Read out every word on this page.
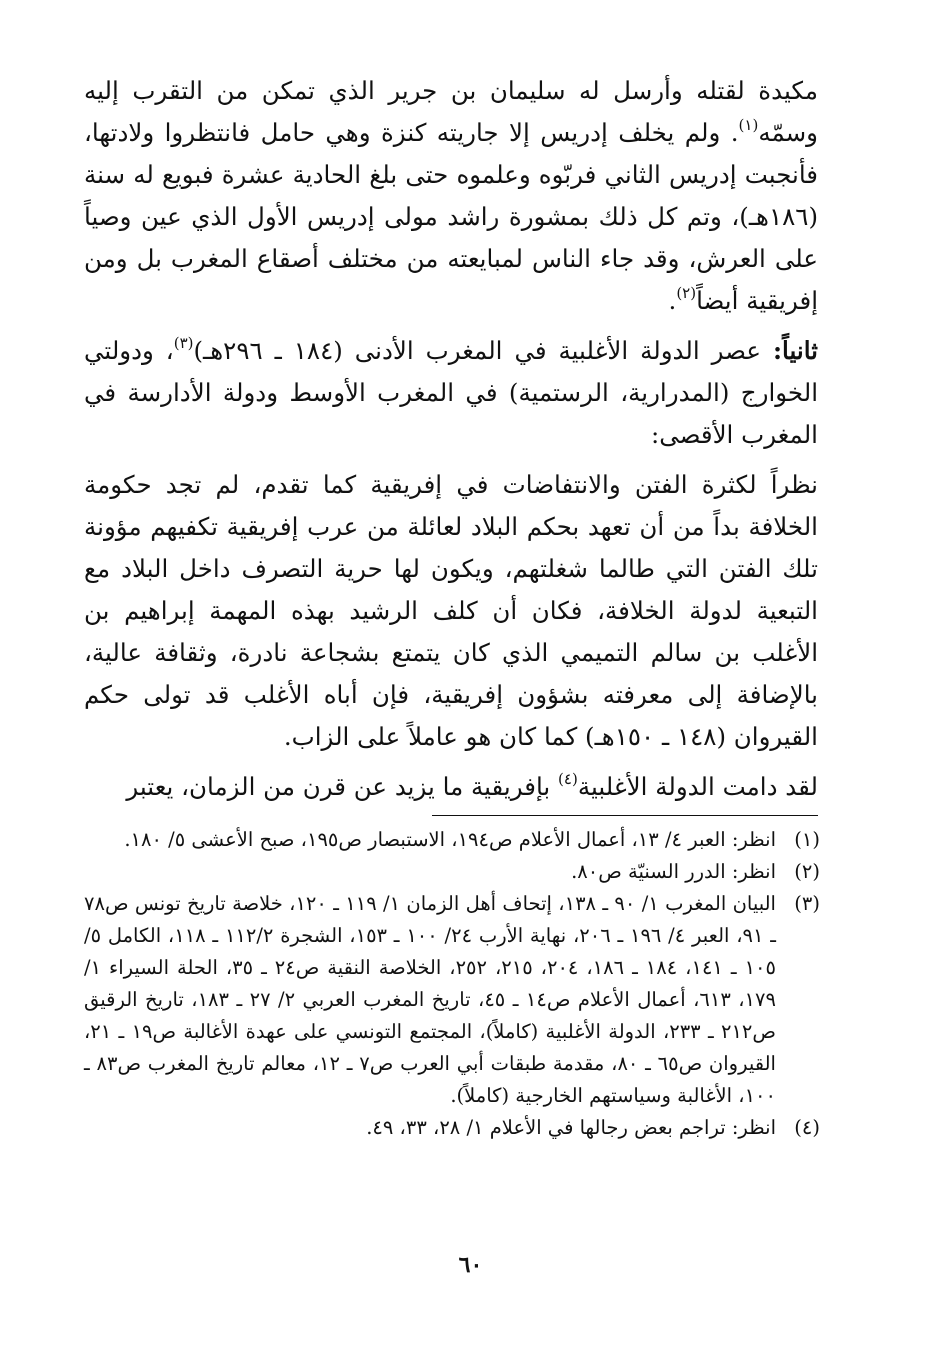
مكيدة لقتله وأرسل له سليمان بن جرير الذي تمكن من التقرب إليه وسمّه$^{(١)}$. ولم يخلف إدريس إلا جاريته كنزة وهي حامل فانتظروا ولادتها، فأنجبت إدريس الثاني فربّوه وعلموه حتى بلغ الحادية عشرة فبويع له سنة (١٨٦هـ)، وتم كل ذلك بمشورة راشد مولى إدريس الأول الذي عين وصياً على العرش، وقد جاء الناس لمبايعته من مختلف أصقاع المغرب بل ومن إفريقية أيضاً$^{(٢)}$.

ثانياً: عصر الدولة الأغلبية في المغرب الأدنى (١٨٤ ـ ٢٩٦هـ)$^{(٣)}$، ودولتي الخوارج (المدرارية، الرستمية) في المغرب الأوسط ودولة الأدارسة في المغرب الأقصى:

نظراً لكثرة الفتن والانتفاضات في إفريقية كما تقدم، لم تجد حكومة الخلافة بداً من أن تعهد بحكم البلاد لعائلة من عرب إفريقية تكفيهم مؤونة تلك الفتن التي طالما شغلتهم، ويكون لها حرية التصرف داخل البلاد مع التبعية لدولة الخلافة، فكان أن كلف الرشيد بهذه المهمة إبراهيم بن الأغلب بن سالم التميمي الذي كان يتمتع بشجاعة نادرة، وثقافة عالية، بالإضافة إلى معرفته بشؤون إفريقية، فإن أباه الأغلب قد تولى حكم القيروان (١٤٨ ـ ١٥٠هـ) كما كان هو عاملاً على الزاب.

لقد دامت الدولة الأغلبية$^{(٤)}$ بإفريقية ما يزيد عن قرن من الزمان، يعتبر

(١)
انظر: العبر ٤/ ١٣، أعمال الأعلام ص١٩٤، الاستبصار ص١٩٥، صبح الأعشى ٥/ ١٨٠.
(٢)
انظر: الدرر السنيّة ص٨٠.
(٣)
البيان المغرب ١/ ٩٠ ـ ١٣٨، إتحاف أهل الزمان ١/ ١١٩ ـ ١٢٠، خلاصة تاريخ تونس ص٧٨ ـ ٩١، العبر ٤/ ١٩٦ ـ ٢٠٦، نهاية الأرب ٢٤/ ١٠٠ ـ ١٥٣، الشجرة ١١٢/٢ ـ ١١٨، الكامل ٥/ ١٠٥ ـ ١٤١، ١٨٤ ـ ١٨٦، ٢٠٤، ٢١٥، ٢٥٢، الخلاصة النقية ص٢٤ ـ ٣٥، الحلة السيراء ١/ ١٧٩، ٦١٣، أعمال الأعلام ص١٤ ـ ٤٥، تاريخ المغرب العربي ٢/ ٢٧ ـ ١٨٣، تاريخ الرقيق ص٢١٢ ـ ٢٣٣، الدولة الأغلبية (كاملاً)، المجتمع التونسي على عهدة الأغالبة ص١٩ ـ ٢١، القيروان ص٦٥ ـ ٨٠، مقدمة طبقات أبي العرب ص٧ ـ ١٢، معالم تاريخ المغرب ص٨٣ ـ ١٠٠، الأغالبة وسياستهم الخارجية (كاملاً).
(٤)
انظر: تراجم بعض رجالها في الأعلام ١/ ٢٨، ٣٣، ٤٩.
٦٠
